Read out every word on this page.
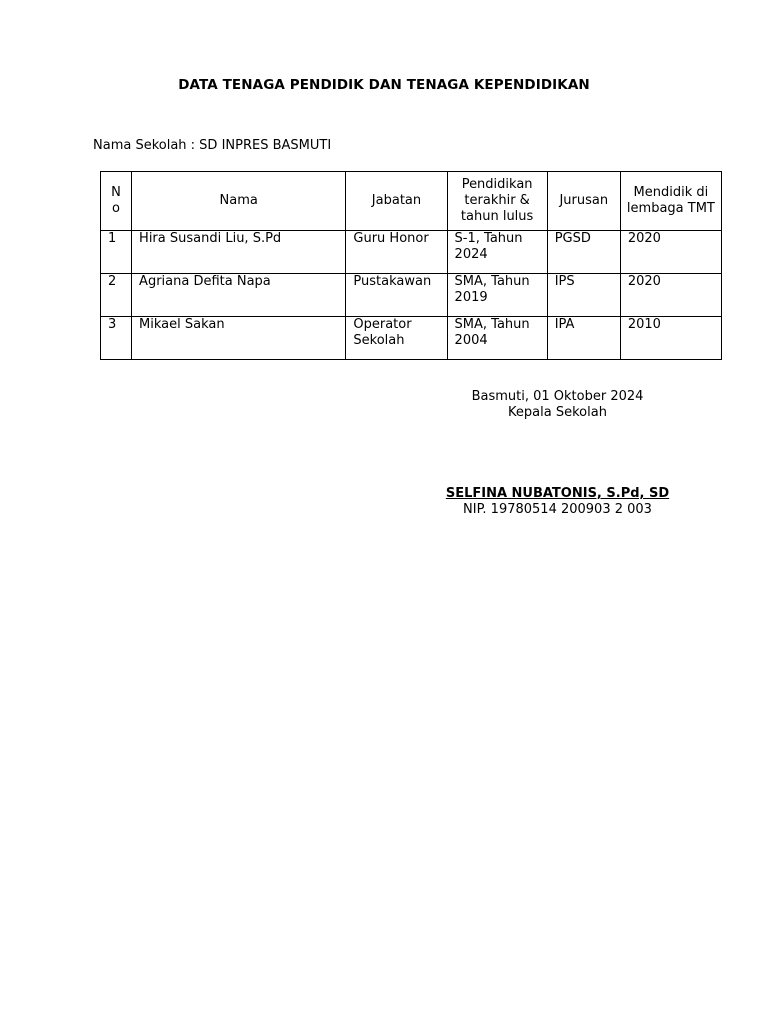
DATA TENAGA PENDIDIK DAN TENAGA KEPENDIDIKAN
Nama Sekolah : SD INPRES BASMUTI
No	Nama	Jabatan	Pendidikan terakhir & tahun lulus	Jurusan	Mendidik di lembaga TMT
1	Hira Susandi Liu, S.Pd	Guru Honor	S-1, Tahun 2024	PGSD	2020
2	Agriana Defita Napa	Pustakawan	SMA, Tahun 2019	IPS	2020
3	Mikael Sakan	Operator Sekolah	SMA, Tahun 2004	IPA	2010
Basmuti, 01 Oktober 2024
Kepala Sekolah
SELFINA NUBATONIS, S.Pd, SD
NIP. 19780514 200903 2 003
